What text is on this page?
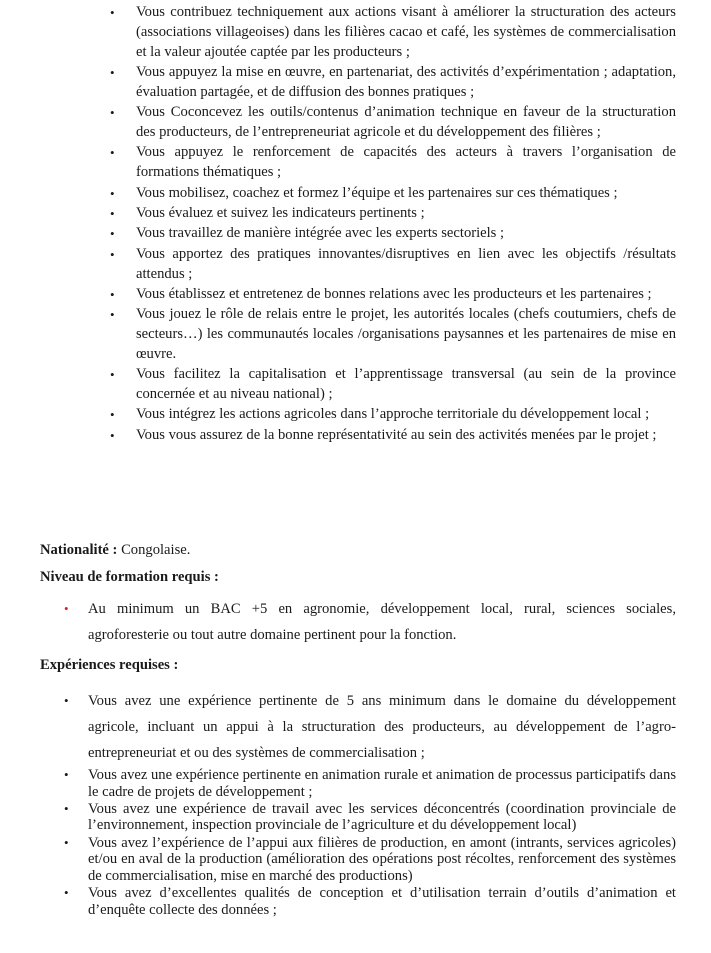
• Vous contribuez techniquement aux actions visant à améliorer la structuration des acteurs (associations villageoises) dans les filières cacao et café, les systèmes de commercialisation et la valeur ajoutée captée par les producteurs ;
• Vous appuyez la mise en œuvre, en partenariat, des activités d’expérimentation ; adaptation, évaluation partagée, et de diffusion des bonnes pratiques ;
• Vous Coconcevez les outils/contenus d’animation technique en faveur de la structuration des producteurs, de l’entrepreneuriat agricole et du développement des filières ;
• Vous appuyez le renforcement de capacités des acteurs à travers l’organisation de formations thématiques ;
• Vous mobilisez, coachez et formez l’équipe et les partenaires sur ces thématiques ;
• Vous évaluez et suivez les indicateurs pertinents ;
• Vous travaillez de manière intégrée avec les experts sectoriels ;
• Vous apportez des pratiques innovantes/disruptives en lien avec les objectifs /résultats attendus ;
• Vous établissez et entretenez de bonnes relations avec les producteurs et les partenaires ;
• Vous jouez le rôle de relais entre le projet, les autorités locales (chefs coutumiers, chefs de secteurs…) les communautés locales /organisations paysannes et les partenaires de mise en œuvre.
• Vous facilitez la capitalisation et l’apprentissage transversal (au sein de la province concernée et au niveau national) ;
• Vous intégrez les actions agricoles dans l’approche territoriale du développement local ;
• Vous vous assurez de la bonne représentativité au sein des activités menées par le projet ;
Nationalité : Congolaise.
Niveau de formation requis :
• Au minimum un BAC +5 en agronomie, développement local, rural, sciences sociales, agroforesterie ou tout autre domaine pertinent pour la fonction.
Expériences requises :
• Vous avez une expérience pertinente de 5 ans minimum dans le domaine du développement agricole, incluant un appui à la structuration des producteurs, au développement de l’agro-entrepreneuriat et ou des systèmes de commercialisation ;
• Vous avez une expérience pertinente en animation rurale et animation de processus participatifs dans le cadre de projets de développement ;
• Vous avez une expérience de travail avec les services déconcentrés (coordination provinciale de l’environnement, inspection provinciale de l’agriculture et du développement local)
• Vous avez l’expérience de l’appui aux filières de production, en amont (intrants, services agricoles) et/ou en aval de la production (amélioration des opérations post récoltes, renforcement des systèmes de commercialisation, mise en marché des productions)
• Vous avez d’excellentes qualités de conception et d’utilisation terrain d’outils d’animation et d’enquête collecte des données ;
